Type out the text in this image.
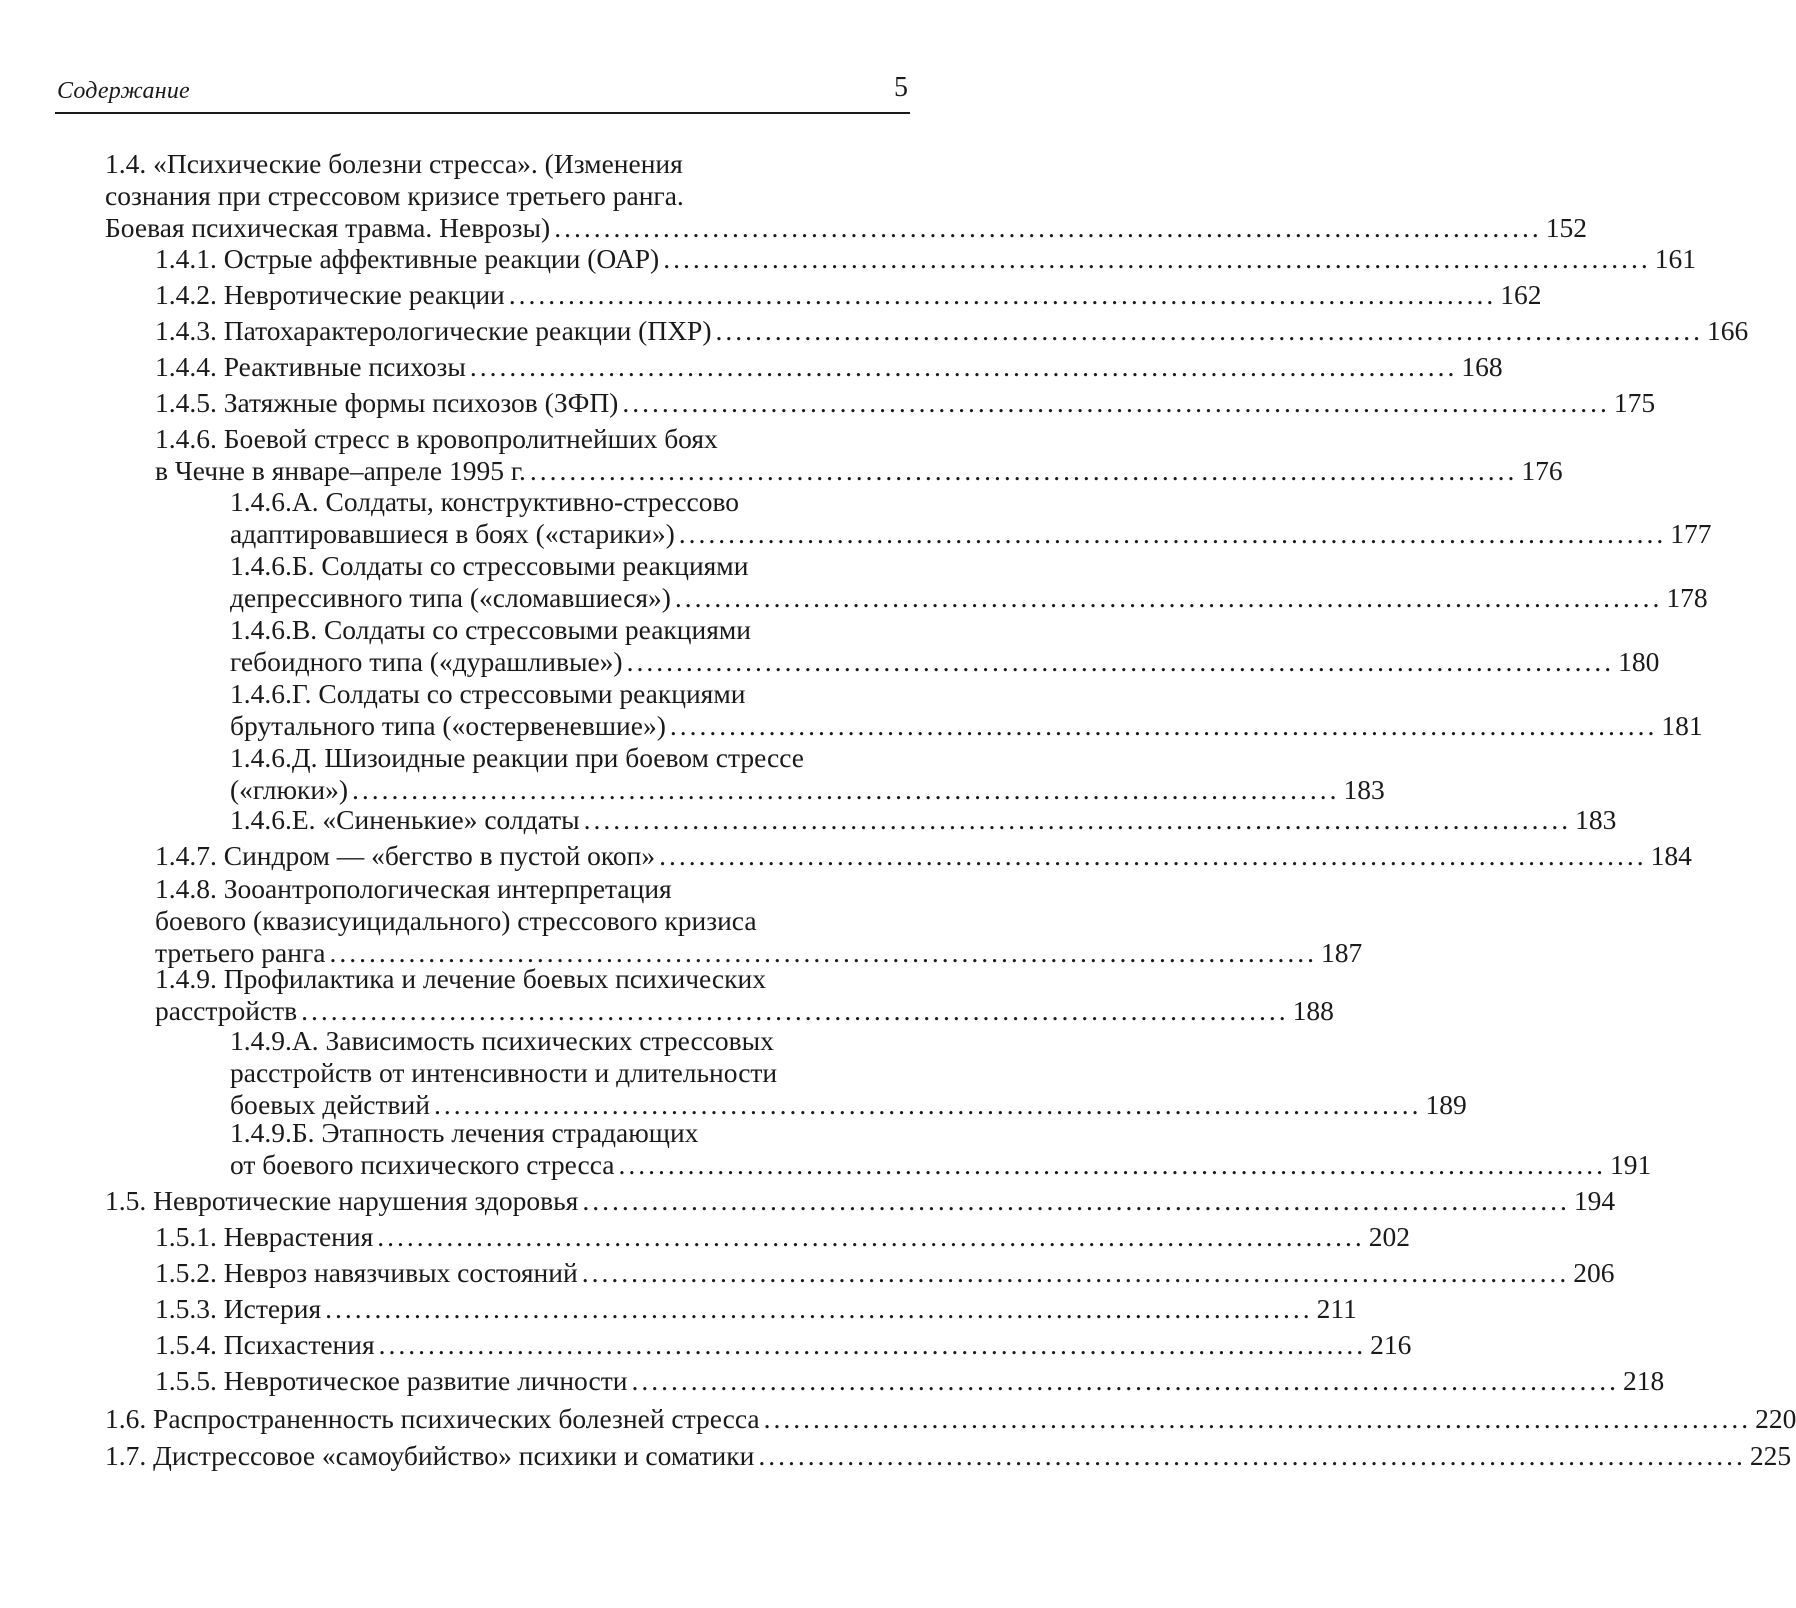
Содержание	5
1.4. «Психические болезни стресса». (Изменения
сознания при стрессовом кризисе третьего ранга.
Боевая психическая травма. Неврозы) .................................................................................................... 152
1.4.1. Острые аффективные реакции (ОАР) .................................................................................................... 161
1.4.2. Невротические реакции .................................................................................................... 162
1.4.3. Патохарактерологические реакции (ПХР) .................................................................................................... 166
1.4.4. Реактивные психозы .................................................................................................... 168
1.4.5. Затяжные формы психозов (ЗФП) .................................................................................................... 175
1.4.6. Боевой стресс в кровопролитнейших боях
в Чечне в январе–апреле 1995 г. .................................................................................................... 176
1.4.6.А. Солдаты, конструктивно-стрессово
адаптировавшиеся в боях («старики») .................................................................................................... 177
1.4.6.Б. Солдаты со стрессовыми реакциями
депрессивного типа («сломавшиеся») .................................................................................................... 178
1.4.6.В. Солдаты со стрессовыми реакциями
гебоидного типа («дурашливые») .................................................................................................... 180
1.4.6.Г. Солдаты со стрессовыми реакциями
брутального типа («остервеневшие») .................................................................................................... 181
1.4.6.Д. Шизоидные реакции при боевом стрессе
(«глюки») .................................................................................................... 183
1.4.6.Е. «Синенькие» солдаты .................................................................................................... 183
1.4.7. Синдром — «бегство в пустой окоп» .................................................................................................... 184
1.4.8. Зооантропологическая интерпретация
боевого (квазисуицидального) стрессового кризиса
третьего ранга .................................................................................................... 187
1.4.9. Профилактика и лечение боевых психических
расстройств .................................................................................................... 188
1.4.9.А. Зависимость психических стрессовых
расстройств от интенсивности и длительности
боевых действий .................................................................................................... 189
1.4.9.Б. Этапность лечения страдающих
от боевого психического стресса .................................................................................................... 191
1.5. Невротические нарушения здоровья .................................................................................................... 194
1.5.1. Неврастения .................................................................................................... 202
1.5.2. Невроз навязчивых состояний .................................................................................................... 206
1.5.3. Истерия .................................................................................................... 211
1.5.4. Психастения .................................................................................................... 216
1.5.5. Невротическое развитие личности .................................................................................................... 218
1.6. Распространенность психических болезней стресса .................................................................................................... 220
1.7. Дистрессовое «самоубийство» психики и соматики .................................................................................................... 225
